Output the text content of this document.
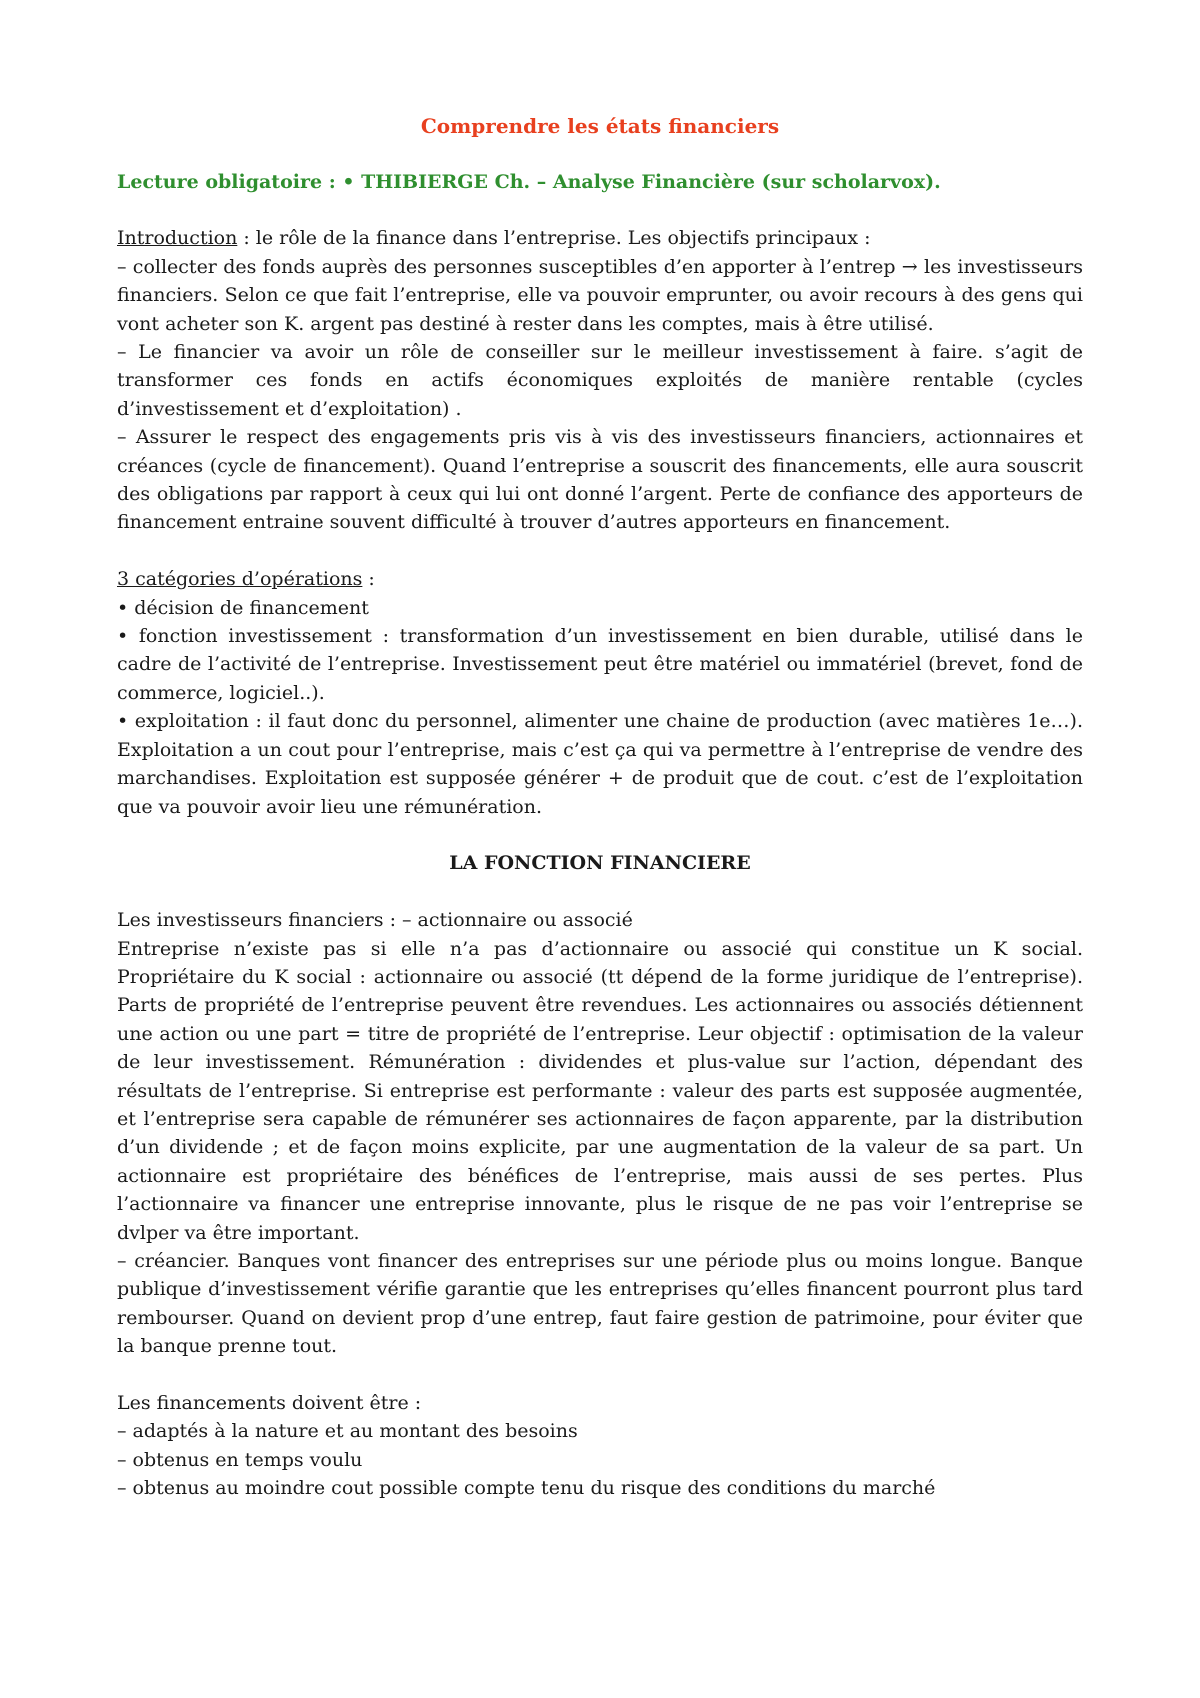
Comprendre les états financiers

Lecture obligatoire : • THIBIERGE Ch. – Analyse Financière (sur scholarvox).

Introduction : le rôle de la finance dans l’entreprise. Les objectifs principaux :

– collecter des fonds auprès des personnes susceptibles d’en apporter à l’entrep → les investisseurs financiers. Selon ce que fait l’entreprise, elle va pouvoir emprunter, ou avoir recours à des gens qui vont acheter son K. argent pas destiné à rester dans les comptes, mais à être utilisé.

– Le financier va avoir un rôle de conseiller sur le meilleur investissement à faire. s’agit de transformer ces fonds en actifs économiques exploités de manière rentable (cycles d’investissement et d’exploitation) .

– Assurer le respect des engagements pris vis à vis des investisseurs financiers, actionnaires et créances (cycle de financement). Quand l’entreprise a souscrit des financements, elle aura souscrit des obligations par rapport à ceux qui lui ont donné l’argent. Perte de confiance des apporteurs de financement entraine souvent difficulté à trouver d’autres apporteurs en financement.

3 catégories d’opérations :

• décision de financement

• fonction investissement : transformation d’un investissement en bien durable, utilisé dans le cadre de l’activité de l’entreprise. Investissement peut être matériel ou immatériel (brevet, fond de commerce, logiciel..).

• exploitation : il faut donc du personnel, alimenter une chaine de production (avec matières 1e…). Exploitation a un cout pour l’entreprise, mais c’est ça qui va permettre à l’entreprise de vendre des marchandises. Exploitation est supposée générer + de produit que de cout. c’est de l’exploitation que va pouvoir avoir lieu une rémunération.

LA FONCTION FINANCIERE

Les investisseurs financiers : – actionnaire ou associé

Entreprise n’existe pas si elle n’a pas d’actionnaire ou associé qui constitue un K social. Propriétaire du K social : actionnaire ou associé (tt dépend de la forme juridique de l’entreprise). Parts de propriété de l’entreprise peuvent être revendues. Les actionnaires ou associés détiennent une action ou une part = titre de propriété de l’entreprise. Leur objectif : optimisation de la valeur de leur investissement. Rémunération : dividendes et plus-value sur l’action, dépendant des résultats de l’entreprise. Si entreprise est performante : valeur des parts est supposée augmentée, et l’entreprise sera capable de rémunérer ses actionnaires de façon apparente, par la distribution d’un dividende ; et de façon moins explicite, par une augmentation de la valeur de sa part. Un actionnaire est propriétaire des bénéfices de l’entreprise, mais aussi de ses pertes. Plus l’actionnaire va financer une entreprise innovante, plus le risque de ne pas voir l’entreprise se dvlper va être important.

– créancier. Banques vont financer des entreprises sur une période plus ou moins longue. Banque publique d’investissement vérifie garantie que les entreprises qu’elles financent pourront plus tard rembourser. Quand on devient prop d’une entrep, faut faire gestion de patrimoine, pour éviter que la banque prenne tout.

Les financements doivent être :

– adaptés à la nature et au montant des besoins

– obtenus en temps voulu

– obtenus au moindre cout possible compte tenu du risque des conditions du marché
